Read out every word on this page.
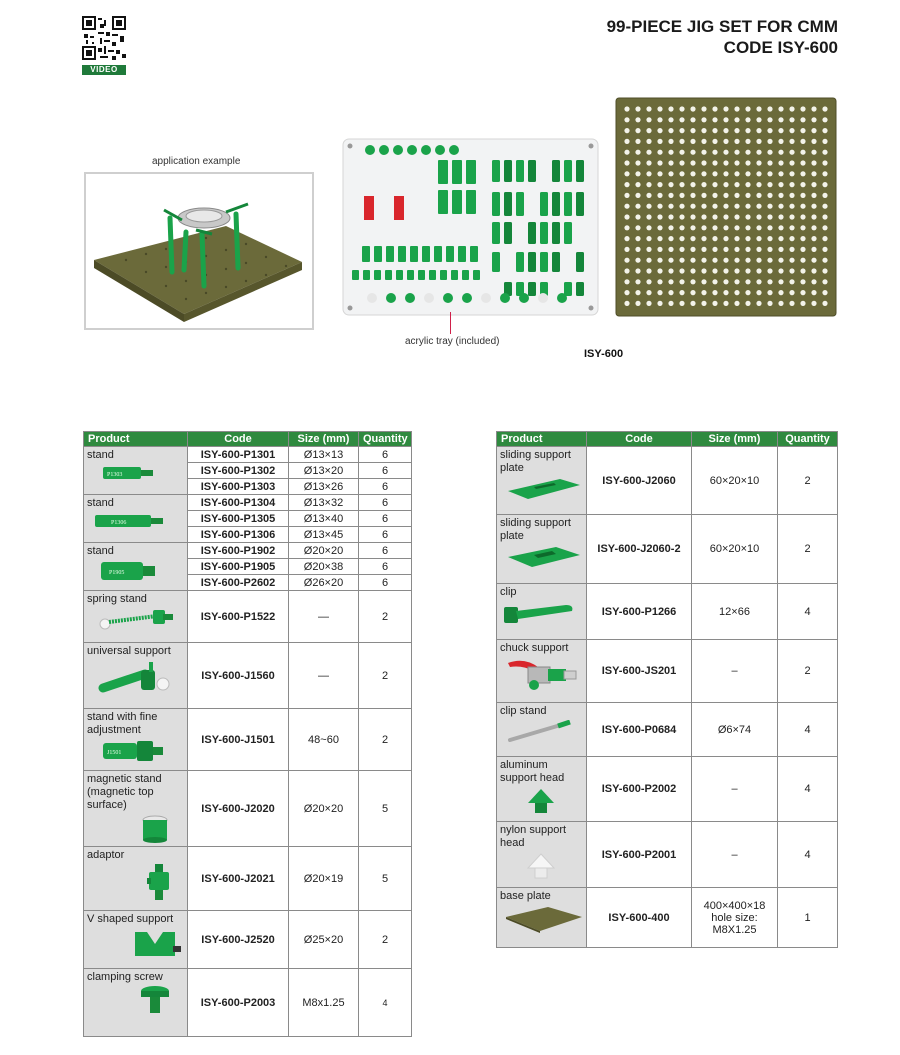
VIDEO
99-PIECE JIG SET FOR CMM
CODE ISY-600
application example
acrylic tray (included)
ISY-600
Product	Code	Size (mm)	Quantity

stand
P1303	ISY-600-P1301	Ø13×13	6
	ISY-600-P1302	Ø13×20	6
	ISY-600-P1303	Ø13×26	6

stand
P1306	ISY-600-P1304	Ø13×32	6
	ISY-600-P1305	Ø13×40	6
	ISY-600-P1306	Ø13×45	6

stand
P1905	ISY-600-P1902	Ø20×20	6
	ISY-600-P1905	Ø20×38	6
	ISY-600-P2602	Ø26×20	6

spring stand	ISY-600-P1522	—	2

universal support	ISY-600-J1560	—	2

stand with fine adjustment
J1501	ISY-600-J1501	48~60	2

magnetic stand (magnetic top surface)	ISY-600-J2020	Ø20×20	5

adaptor	ISY-600-J2021	Ø20×19	5

V shaped support	ISY-600-J2520	Ø25×20	2

clamping screw	ISY-600-P2003	M8x1.25	4
Product	Code	Size (mm)	Quantity

sliding support plate	ISY-600-J2060	60×20×10	2

sliding support plate	ISY-600-J2060-2	60×20×10	2

clip	ISY-600-P1266	12×66	4

chuck support	ISY-600-JS201	–	2

clip stand	ISY-600-P0684	Ø6×74	4

aluminum support head	ISY-600-P2002	–	4

nylon support head	ISY-600-P2001	–	4

base plate	ISY-600-400	400×400×18 hole size: M8X1.25	1
